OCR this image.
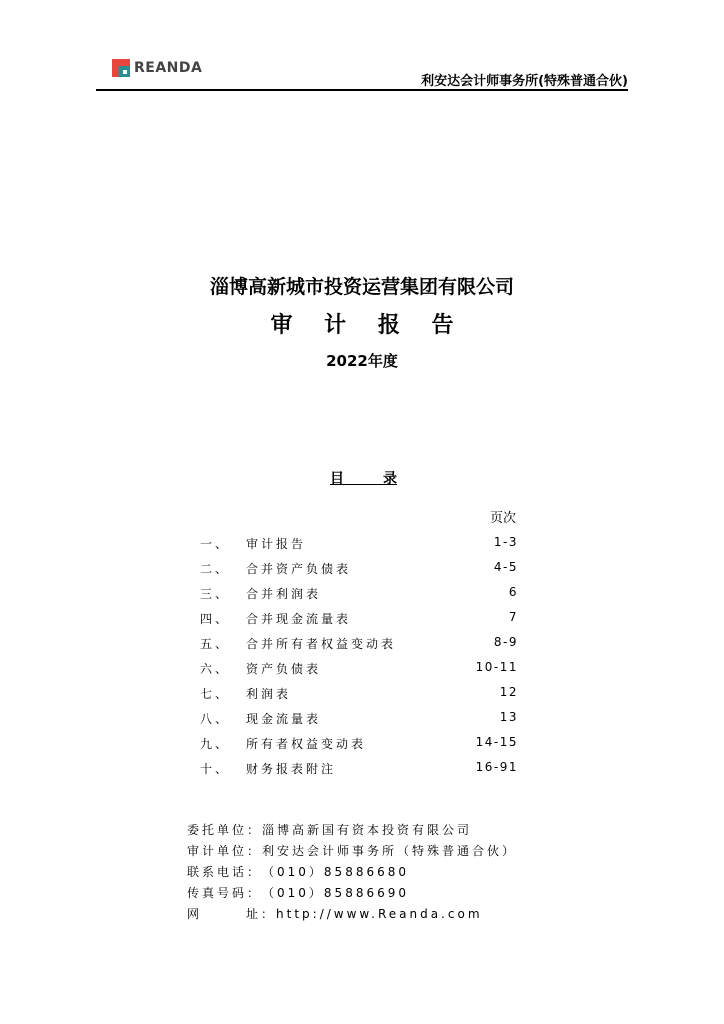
REANDA
利安达会计师事务所(特殊普通合伙)
淄博高新城市投资运营集团有限公司
审 计 报 告
2022年度
目        录
页次
一、 审计报告	1-3
二、 合并资产负债表	4-5
三、 合并利润表	6
四、 合并现金流量表	7
五、 合并所有者权益变动表	8-9
六、 资产负债表	10-11
七、 利润表	12
八、 现金流量表	13
九、 所有者权益变动表	14-15
十、 财务报表附注	16-91
委托单位：淄博高新国有资本投资有限公司
审计单位：利安达会计师事务所（特殊普通合伙）
联系电话：（010）85886680
传真号码：（010）85886690
网	址：http://www.Reanda.com
